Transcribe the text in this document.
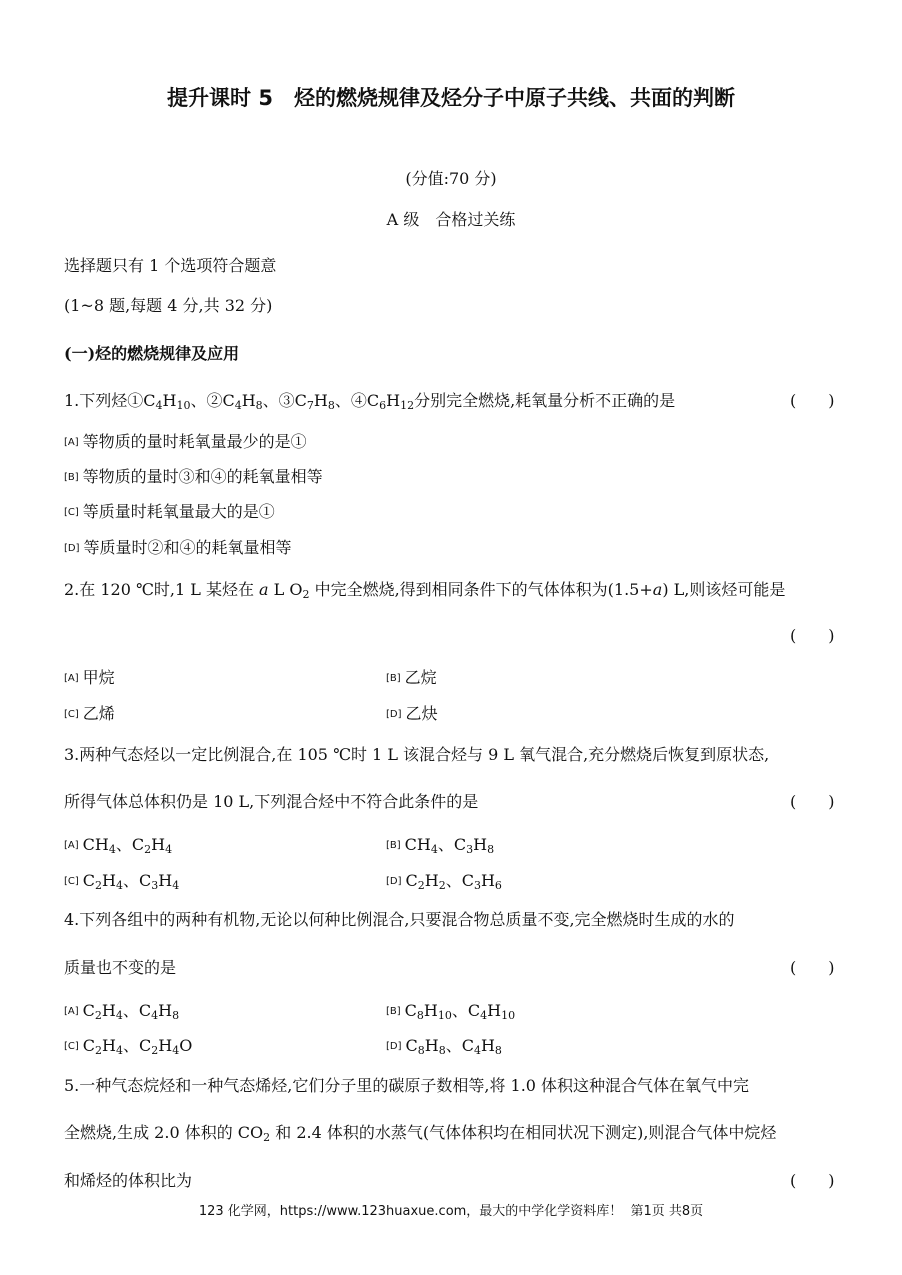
提升课时 5　烃的燃烧规律及烃分子中原子共线、共面的判断
(分值:70 分)
A 级　合格过关练
选择题只有 1 个选项符合题意
(1~8 题,每题 4 分,共 32 分)
(一)烃的燃烧规律及应用
1.下列烃$①C_4H_{10}$、$②C_4H_8$、$③C_7H_8$、$④C_6H_{12}$分别完全燃烧,耗氧量分析不正确的是	(　　)
[A] 等物质的量时耗氧量最少的是①
[B] 等物质的量时③和④的耗氧量相等
[C] 等质量时耗氧量最大的是①
[D] 等质量时②和④的耗氧量相等
2.在 120 ℃时,1 L 某烃在 a L $O_2$ 中完全燃烧,得到相同条件下的气体体积为(1.5+a) L,则该烃可能是
(　　)
[A] 甲烷	[B] 乙烷
[C] 乙烯	[D] 乙炔
3.两种气态烃以一定比例混合,在 105 ℃时 1 L 该混合烃与 9 L 氧气混合,充分燃烧后恢复到原状态,
所得气体总体积仍是 10 L,下列混合烃中不符合此条件的是	(　　)
[A] $CH_4$、$C_2H_4$	[B] $CH_4$、$C_3H_8$
[C] $C_2H_4$、$C_3H_4$	[D] $C_2H_2$、$C_3H_6$
4.下列各组中的两种有机物,无论以何种比例混合,只要混合物总质量不变,完全燃烧时生成的水的
质量也不变的是	(　　)
[A] $C_2H_4$、$C_4H_8$	[B] $C_8H_{10}$、$C_4H_{10}$
[C] $C_2H_4$、$C_2H_4O$	[D] $C_8H_8$、$C_4H_8$
5.一种气态烷烃和一种气态烯烃,它们分子里的碳原子数相等,将 1.0 体积这种混合气体在氧气中完
全燃烧,生成 2.0 体积的 $CO_2$ 和 2.4 体积的水蒸气(气体体积均在相同状况下测定),则混合气体中烷烃
和烯烃的体积比为	(　　)
123 化学网，https://www.123huaxue.com，最大的中学化学资料库！ 第1页 共8页
